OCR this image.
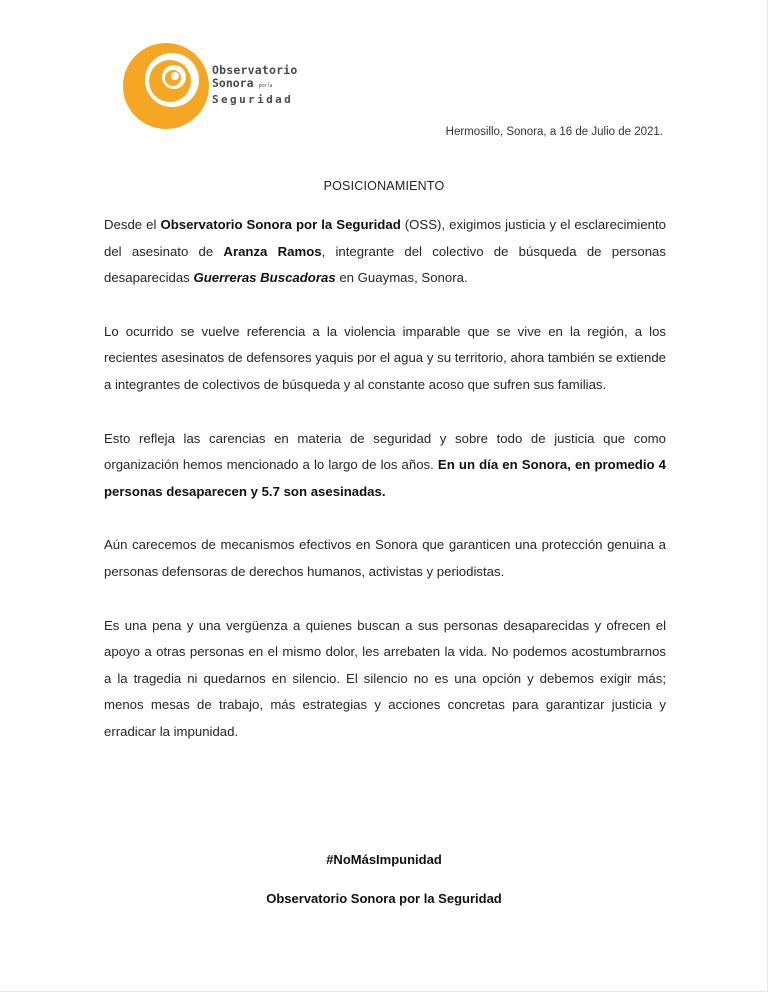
Observatorio
Sonora por la
Seguridad
Hermosillo, Sonora, a 16 de Julio de 2021.
POSICIONAMIENTO

Desde el Observatorio Sonora por la Seguridad (OSS), exigimos justicia y el esclarecimiento del asesinato de Aranza Ramos, integrante del colectivo de búsqueda de personas desaparecidas Guerreras Buscadoras en Guaymas, Sonora.

Lo ocurrido se vuelve referencia a la violencia imparable que se vive en la región, a los recientes asesinatos de defensores yaquis por el agua y su territorio, ahora también se extiende a integrantes de colectivos de búsqueda y al constante acoso que sufren sus familias.

Esto refleja las carencias en materia de seguridad y sobre todo de justicia que como organización hemos mencionado a lo largo de los años. En un día en Sonora, en promedio 4 personas desaparecen y 5.7 son asesinadas.

Aún carecemos de mecanismos efectivos en Sonora que garanticen una protección genuina a personas defensoras de derechos humanos, activistas y periodistas.

Es una pena y una vergüenza a quienes buscan a sus personas desaparecidas y ofrecen el apoyo a otras personas en el mismo dolor, les arrebaten la vida. No podemos acostumbrarnos a la tragedia ni quedarnos en silencio. El silencio no es una opción y debemos exigir más; menos mesas de trabajo, más estrategias y acciones concretas para garantizar justicia y erradicar la impunidad.

#NoMásImpunidad
Observatorio Sonora por la Seguridad
